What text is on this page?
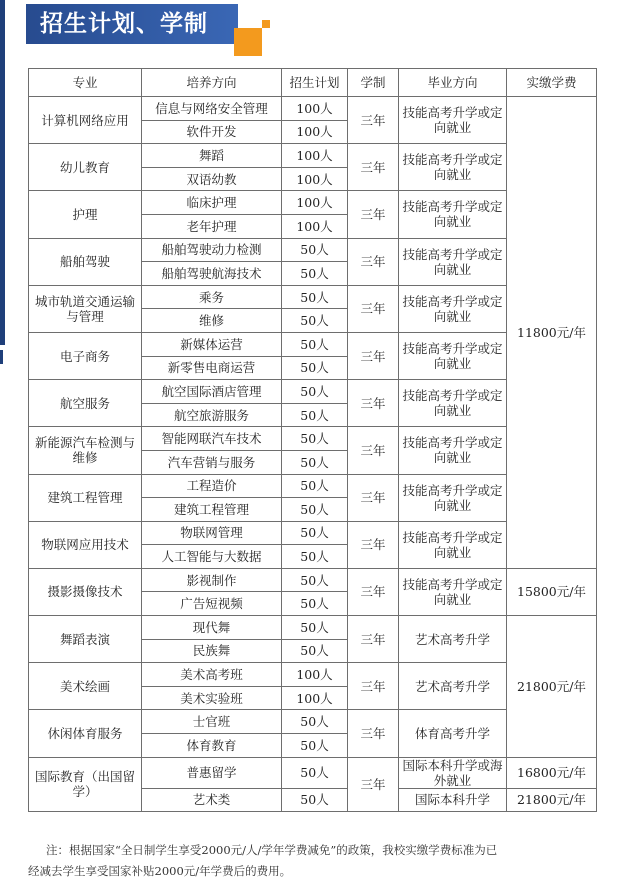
招生计划、学制
专业	培养方向	招生计划	学制	毕业方向	实缴学费
计算机网络应用	信息与网络安全管理	100人	三年	技能高考升学或定向就业	11800元/年
	软件开发	100人			
幼儿教育	舞蹈	100人	三年	技能高考升学或定向就业	
	双语幼教	100人			
护理	临床护理	100人	三年	技能高考升学或定向就业	
	老年护理	100人			
船舶驾驶	船舶驾驶动力检测	50人	三年	技能高考升学或定向就业	
	船舶驾驶航海技术	50人			
城市轨道交通运输与管理	乘务	50人	三年	技能高考升学或定向就业	
	维修	50人			
电子商务	新媒体运营	50人	三年	技能高考升学或定向就业	
	新零售电商运营	50人			
航空服务	航空国际酒店管理	50人	三年	技能高考升学或定向就业	
	航空旅游服务	50人			
新能源汽车检测与维修	智能网联汽车技术	50人	三年	技能高考升学或定向就业	
	汽车营销与服务	50人			
建筑工程管理	工程造价	50人	三年	技能高考升学或定向就业	
	建筑工程管理	50人			
物联网应用技术	物联网管理	50人	三年	技能高考升学或定向就业	
	人工智能与大数据	50人			
摄影摄像技术	影视制作	50人	三年	技能高考升学或定向就业	15800元/年
	广告短视频	50人			
舞蹈表演	现代舞	50人	三年	艺术高考升学	21800元/年
	民族舞	50人			
美术绘画	美术高考班	100人	三年	艺术高考升学	
	美术实验班	100人			
休闲体育服务	士官班	50人	三年	体育高考升学	
	体育教育	50人			
国际教育（出国留学）	普惠留学	50人	三年	国际本科升学或海外就业	16800元/年
	艺术类	50人		国际本科升学	21800元/年
注：根据国家“全日制学生享受2000元/人/学年学费减免”的政策，我校实缴学费标准为已
经减去学生享受国家补贴2000元/年学费后的费用。
